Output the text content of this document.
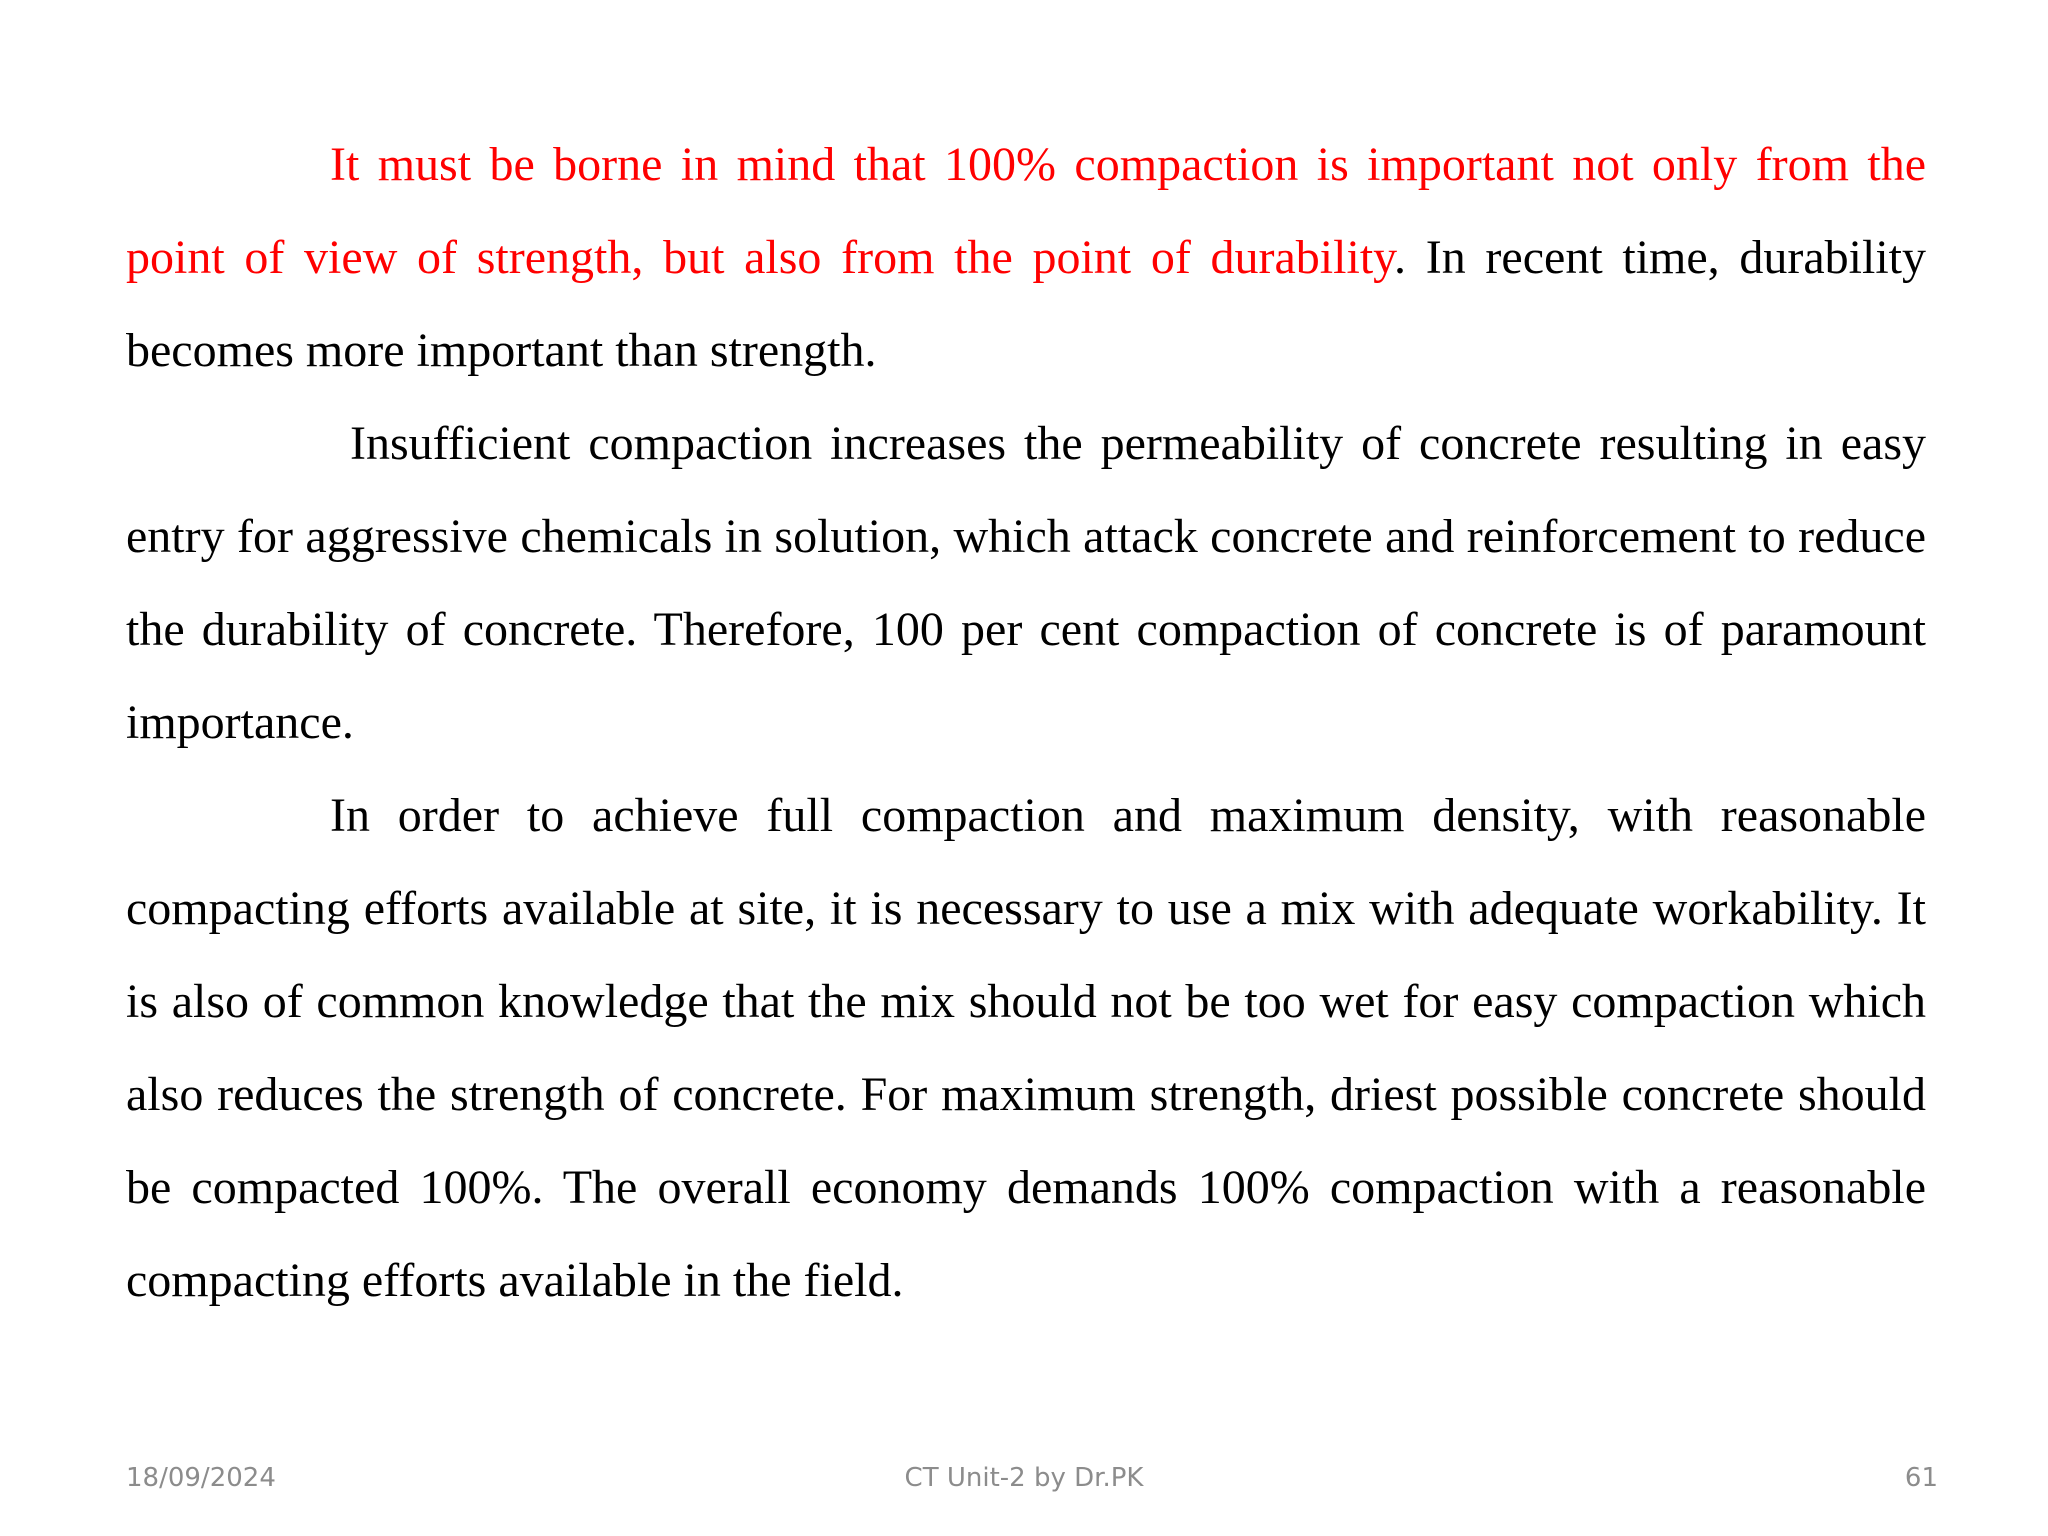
It must be borne in mind that 100% compaction is important not only from the point of view of strength, but also from the point of durability. In recent time, durability becomes more important than strength.

Insufficient compaction increases the permeability of concrete resulting in easy entry for aggressive chemicals in solution, which attack concrete and reinforcement to reduce the durability of concrete. Therefore, 100 per cent compaction of concrete is of paramount importance.

In order to achieve full compaction and maximum density, with reasonable compacting efforts available at site, it is necessary to use a mix with adequate workability. It is also of common knowledge that the mix should not be too wet for easy compaction which also reduces the strength of concrete. For maximum strength, driest possible concrete should be compacted 100%. The overall economy demands 100% compaction with a reasonable compacting efforts available in the field.

18/09/2024	CT Unit-2 by Dr.PK	61
